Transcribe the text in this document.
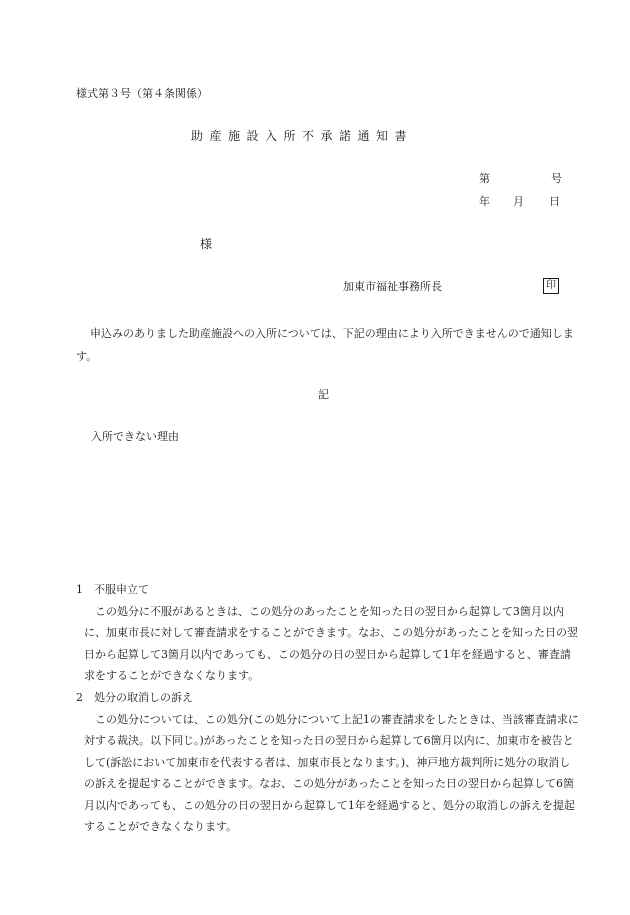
様式第３号（第４条関係）
助産施設入所不承諾通知書
第	号
年 月 日
様
加東市福祉事務所長	印
申込みのありました助産施設への入所については、下記の理由により入所できませんので通知します。
記
入所できない理由
1 不服申立て
この処分に不服があるときは、この処分のあったことを知った日の翌日から起算して3箇月以内に、加東市長に対して審査請求をすることができます。なお、この処分があったことを知った日の翌日から起算して3箇月以内であっても、この処分の日の翌日から起算して1年を経過すると、審査請求をすることができなくなります。
2 処分の取消しの訴え
この処分については、この処分(この処分について上記1の審査請求をしたときは、当該審査請求に対する裁決。以下同じ。)があったことを知った日の翌日から起算して6箇月以内に、加東市を被告として(訴訟において加東市を代表する者は、加東市長となります。)、神戸地方裁判所に処分の取消しの訴えを提起することができます。なお、この処分があったことを知った日の翌日から起算して6箇月以内であっても、この処分の日の翌日から起算して1年を経過すると、処分の取消しの訴えを提起することができなくなります。
